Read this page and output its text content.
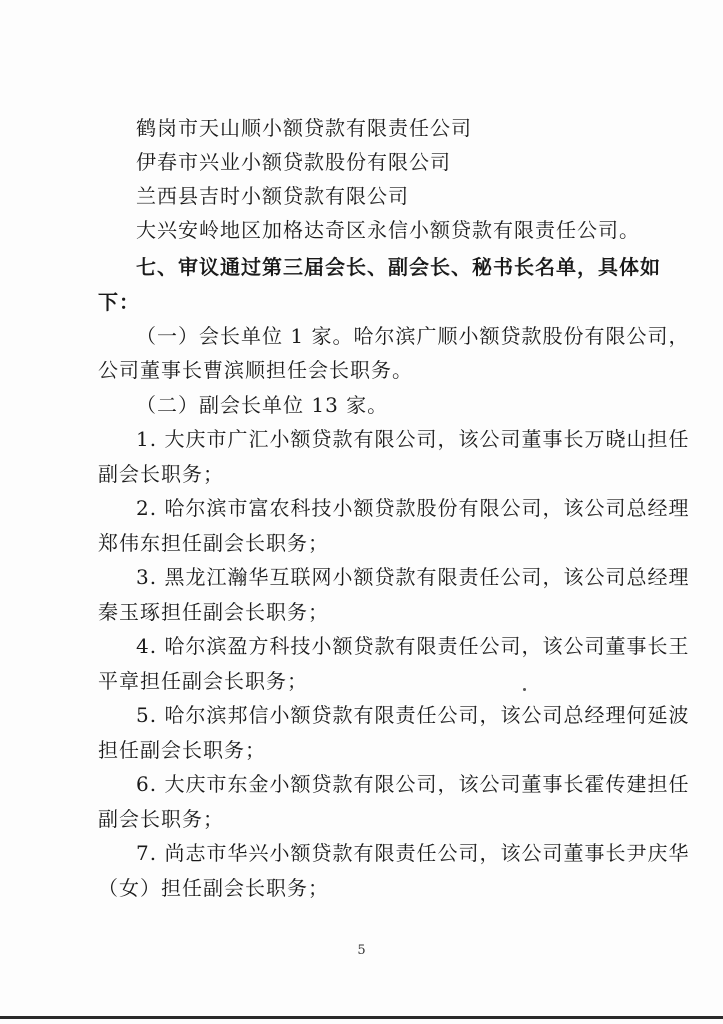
鹤岗市天山顺小额贷款有限责任公司
伊春市兴业小额贷款股份有限公司
兰西县吉时小额贷款有限公司
大兴安岭地区加格达奇区永信小额贷款有限责任公司。
七、审议通过第三届会长、副会长、秘书长名单，具体如
下：
（一）会长单位 1 家。哈尔滨广顺小额贷款股份有限公司，
公司董事长曹滨顺担任会长职务。
（二）副会长单位 13 家。
1. 大庆市广汇小额贷款有限公司，该公司董事长万晓山担任
副会长职务；
2. 哈尔滨市富农科技小额贷款股份有限公司，该公司总经理
郑伟东担任副会长职务；
3. 黑龙江瀚华互联网小额贷款有限责任公司，该公司总经理
秦玉琢担任副会长职务；
4. 哈尔滨盈方科技小额贷款有限责任公司，该公司董事长王
平章担任副会长职务；
5. 哈尔滨邦信小额贷款有限责任公司，该公司总经理何延波
担任副会长职务；
6. 大庆市东金小额贷款有限公司，该公司董事长霍传建担任
副会长职务；
7. 尚志市华兴小额贷款有限责任公司，该公司董事长尹庆华
（女）担任副会长职务；
5
